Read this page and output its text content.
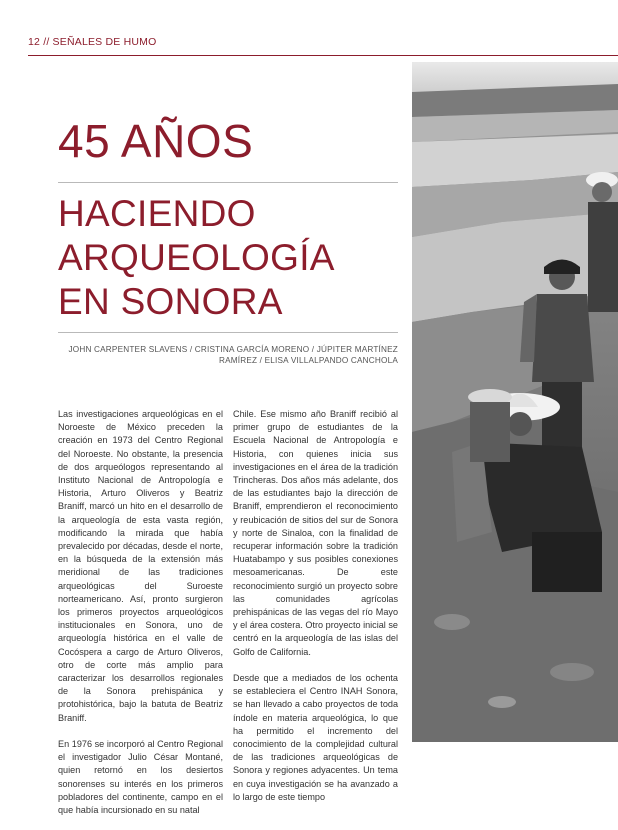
12 // SEÑALES DE HUMO
45 AÑOS
HACIENDO
ARQUEOLOGÍA
EN SONORA
JOHN CARPENTER SLAVENS / CRISTINA GARCÍA MORENO / JÚPITER MARTÍNEZ
RAMÍREZ / ELISA VILLALPANDO CANCHOLA

Las investigaciones arqueológicas en el Noroeste de México preceden la creación en 1973 del Centro Regional del Noroeste. No obstante, la presencia de dos arqueólogos representando al Instituto Nacional de Antropología e Historia, Arturo Oliveros y Beatriz Braniff, marcó un hito en el desarrollo de la arqueología de esta vasta región, modificando la mirada que había prevalecido por décadas, desde el norte, en la búsqueda de la extensión más meridional de las tradiciones arqueológicas del Suroeste norteamericano. Así, pronto surgieron los primeros proyectos arqueológicos institucionales en Sonora, uno de arqueología histórica en el valle de Cocóspera a cargo de Arturo Oliveros, otro de corte más amplio para caracterizar los desarrollos regionales de la Sonora prehispánica y protohistórica, bajo la batuta de Beatriz Braniff.

En 1976 se incorporó al Centro Regional el investigador Julio César Montané, quien retornó en los desiertos sonorenses su interés en los primeros pobladores del continente, campo en el que había incursionado en su natal

Chile. Ese mismo año Braniff recibió al primer grupo de estudiantes de la Escuela Nacional de Antropología e Historia, con quienes inicia sus investigaciones en el área de la tradición Trincheras. Dos años más adelante, dos de las estudiantes bajo la dirección de Braniff, emprendieron el reconocimiento y reubicación de sitios del sur de Sonora y norte de Sinaloa, con la finalidad de recuperar información sobre la tradición Huatabampo y sus posibles conexiones mesoamericanas. De este reconocimiento surgió un proyecto sobre las comunidades agrícolas prehispánicas de las vegas del río Mayo y el área costera. Otro proyecto inicial se centró en la arqueología de las islas del Golfo de California.

Desde que a mediados de los ochenta se estableciera el Centro INAH Sonora, se han llevado a cabo proyectos de toda índole en materia arqueológica, lo que ha permitido el incremento del conocimiento de la complejidad cultural de las tradiciones arqueológicas de Sonora y regiones adyacentes. Un tema en cuya investigación se ha avanzado a lo largo de este tiempo
